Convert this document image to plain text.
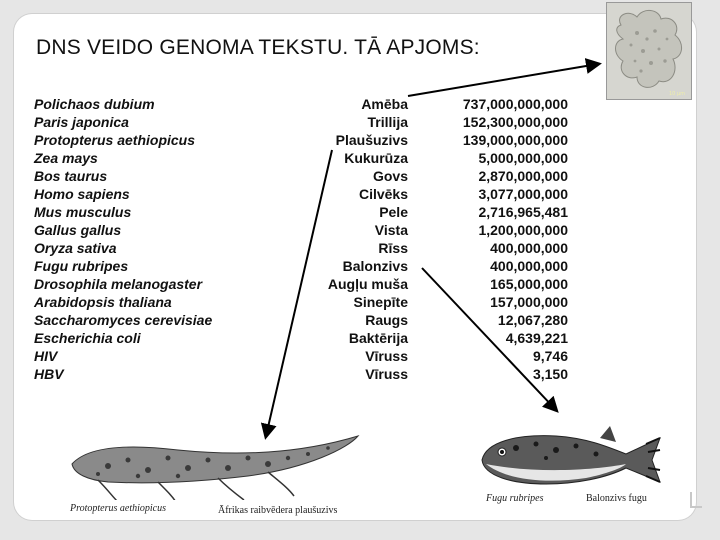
DNS VEIDO GENOMA TEKSTU. TĀ APJOMS:
10 µm
Polichaos dubium	Amēba	737,000,000,000
Paris japonica	Trillija	152,300,000,000
Protopterus aethiopicus	Plaušuzivs	139,000,000,000
Zea mays	Kukurūza	5,000,000,000
Bos taurus	Govs	2,870,000,000
Homo sapiens	Cilvēks	3,077,000,000
Mus musculus	Pele	2,716,965,481
Gallus gallus	Vista	1,200,000,000
Oryza sativa	Rīss	400,000,000
Fugu rubripes	Balonzivs	400,000,000
Drosophila melanogaster	Augļu muša	165,000,000
Arabidopsis thaliana	Sinepīte	157,000,000
Saccharomyces cerevisiae	Raugs	12,067,280
Escherichia coli	Baktērija	4,639,221
HIV	Vīruss	9,746
HBV	Vīruss	3,150
Protopterus aethiopicus	Āfrikas raibvēdera plaušuzivs
Fugu rubripes	Balonzivs fugu
